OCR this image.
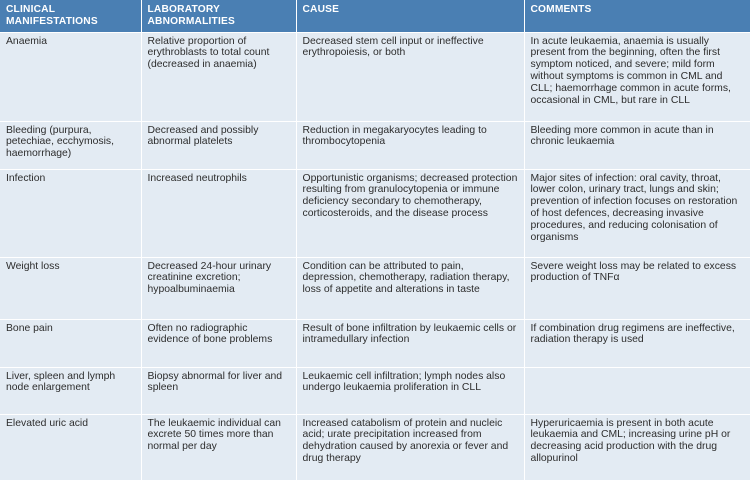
CLINICAL MANIFESTATIONS	LABORATORY ABNORMALITIES	CAUSE	COMMENTS
Anaemia	Relative proportion of erythroblasts to total count (decreased in anaemia)	Decreased stem cell input or ineffective erythropoiesis, or both	In acute leukaemia, anaemia is usually present from the beginning, often the first symptom noticed, and severe; mild form without symptoms is common in CML and CLL; haemorrhage common in acute forms, occasional in CML, but rare in CLL
Bleeding (purpura, petechiae, ecchymosis, haemorrhage)	Decreased and possibly abnormal platelets	Reduction in megakaryocytes leading to thrombocytopenia	Bleeding more common in acute than in chronic leukaemia
Infection	Increased neutrophils	Opportunistic organisms; decreased protection resulting from granulocytopenia or immune deficiency secondary to chemotherapy, corticosteroids, and the disease process	Major sites of infection: oral cavity, throat, lower colon, urinary tract, lungs and skin; prevention of infection focuses on restoration of host defences, decreasing invasive procedures, and reducing colonisation of organisms
Weight loss	Decreased 24-hour urinary creatinine excretion; hypoalbuminaemia	Condition can be attributed to pain, depression, chemotherapy, radiation therapy, loss of appetite and alterations in taste	Severe weight loss may be related to excess production of TNFα
Bone pain	Often no radiographic evidence of bone problems	Result of bone infiltration by leukaemic cells or intramedullary infection	If combination drug regimens are ineffective, radiation therapy is used
Liver, spleen and lymph node enlargement	Biopsy abnormal for liver and spleen	Leukaemic cell infiltration; lymph nodes also undergo leukaemia proliferation in CLL	
Elevated uric acid	The leukaemic individual can excrete 50 times more than normal per day	Increased catabolism of protein and nucleic acid; urate precipitation increased from dehydration caused by anorexia or fever and drug therapy	Hyperuricaemia is present in both acute leukaemia and CML; increasing urine pH or decreasing acid production with the drug allopurinol
